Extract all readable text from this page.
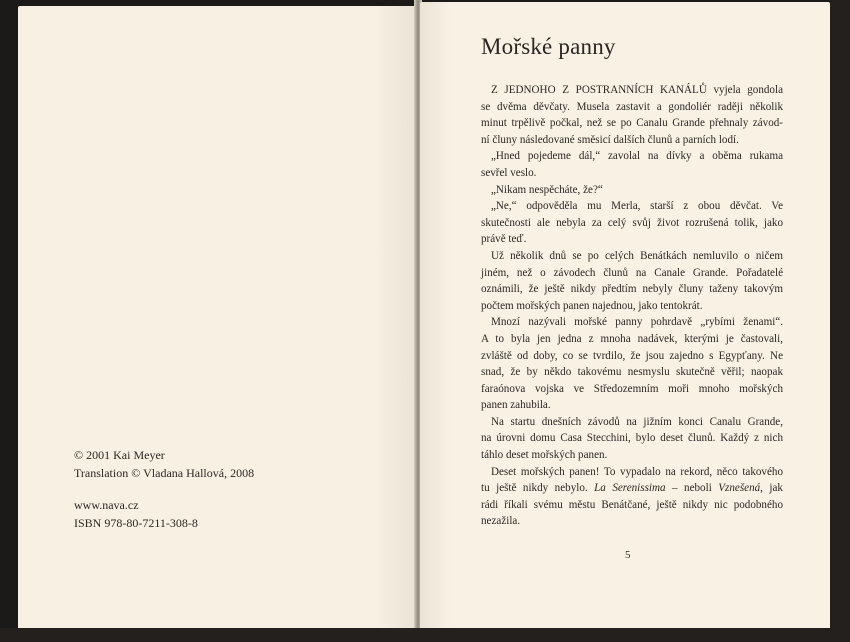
© 2001 Kai Meyer
Translation © Vladana Hallová, 2008
www.nava.cz
ISBN 978-80-7211-308-8
Mořské panny

Z JEDNOHO Z POSTRANNÍCH KANÁLŮ vyjela gondola
se dvěma děvčaty. Musela zastavit a gondoliér raději několik
minut trpělivě počkal, než se po Canalu Grande přehnaly závod-
ní čluny následované směsicí dalších člunů a parních lodí.

„Hned pojedeme dál,“ zavolal na dívky a oběma rukama
sevřel veslo.

„Nikam nespěcháte, že?“

„Ne,“ odpověděla mu Merla, starší z obou děvčat. Ve
skutečnosti ale nebyla za celý svůj život rozrušená tolik, jako
právě teď.

Už několik dnů se po celých Benátkách nemluvilo o ničem
jiném, než o závodech člunů na Canale Grande. Pořadatelé
oznámili, že ještě nikdy předtím nebyly čluny taženy takovým
počtem mořských panen najednou, jako tentokrát.

Mnozí nazývali mořské panny pohrdavě „rybími ženami“.
A to byla jen jedna z mnoha nadávek, kterými je častovali,
zvláště od doby, co se tvrdilo, že jsou zajedno s Egypťany. Ne
snad, že by někdo takovému nesmyslu skutečně věřil; naopak
faraónova vojska ve Středozemním moři mnoho mořských
panen zahubila.

Na startu dnešních závodů na jižním konci Canalu Grande,
na úrovni domu Casa Stecchini, bylo deset člunů. Každý z nich
táhlo deset mořských panen.

Deset mořských panen! To vypadalo na rekord, něco takového
tu ještě nikdy nebylo. La Serenissima – neboli Vznešená, jak
rádi říkali svému městu Benátčané, ještě nikdy nic podobného
nezažila.

5
